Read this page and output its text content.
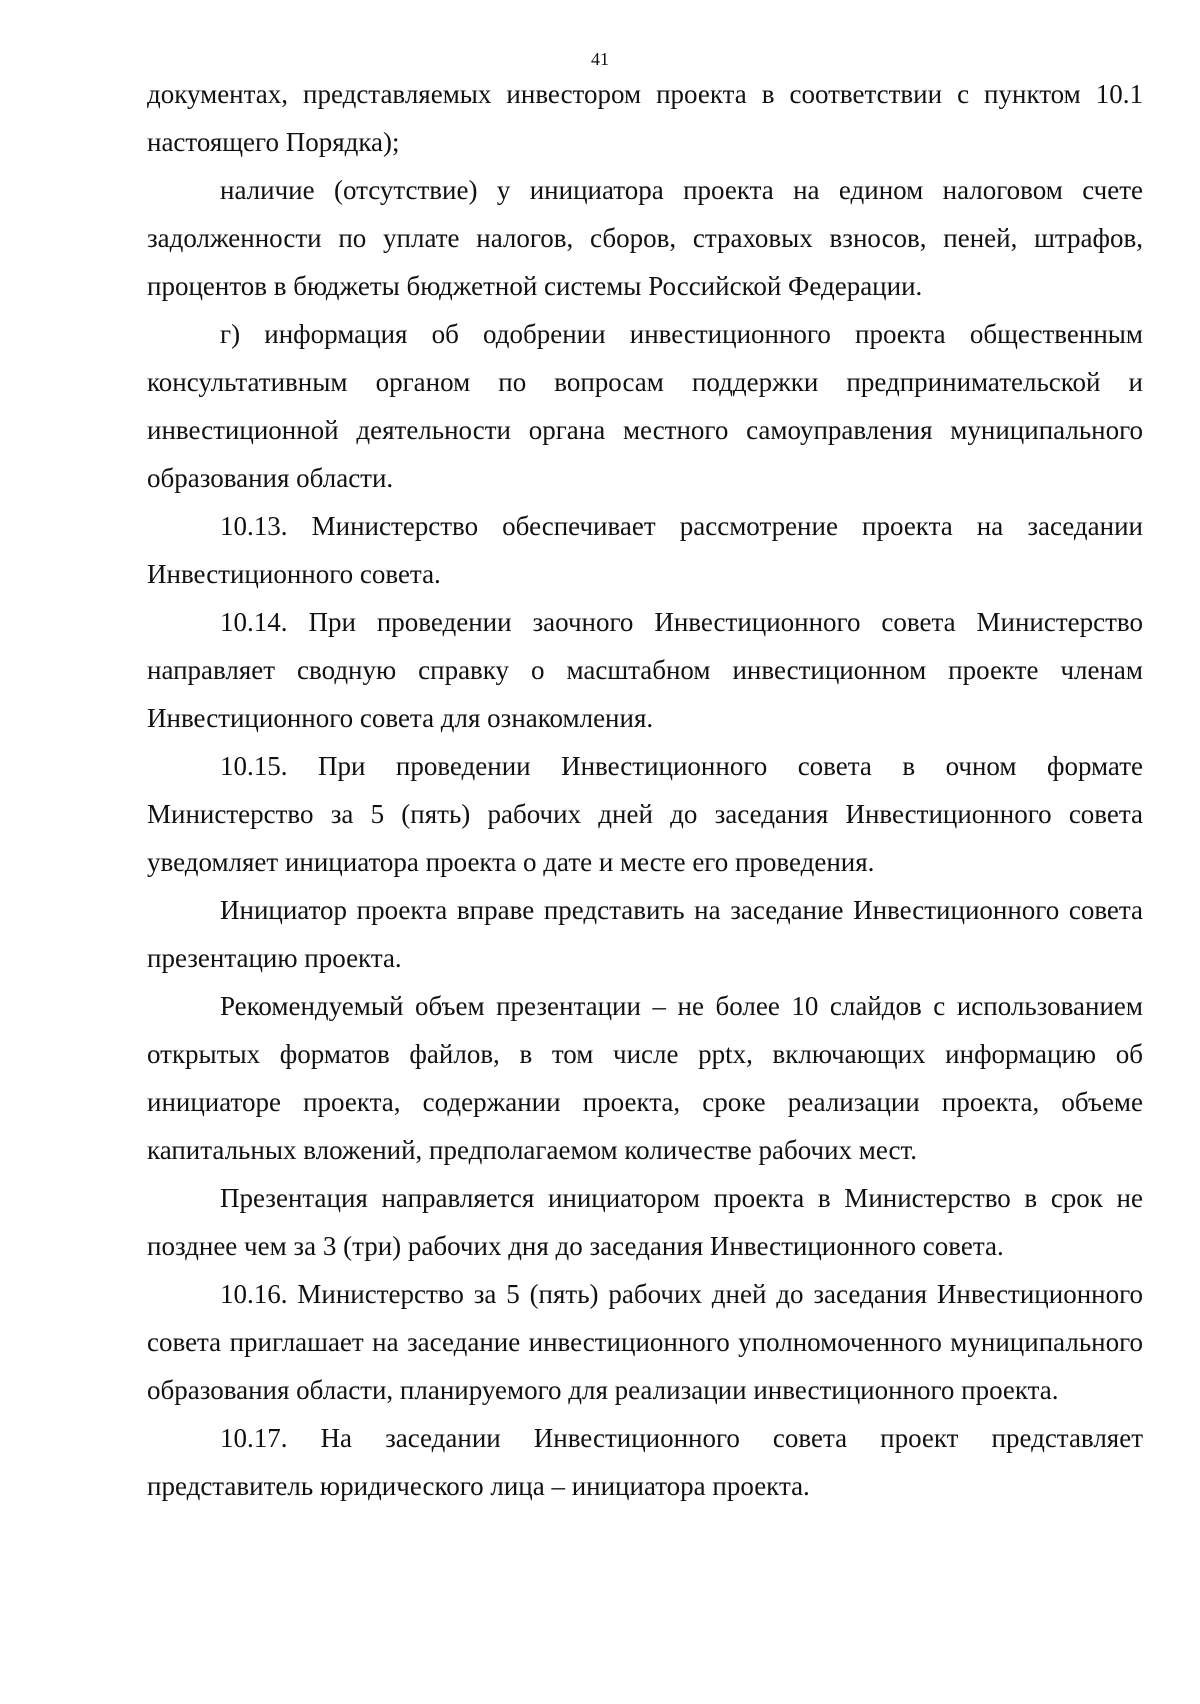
41

документах, представляемых инвестором проекта в соответствии с пунктом 10.1 настоящего Порядка);

наличие (отсутствие) у инициатора проекта на едином налоговом счете задолженности по уплате налогов, сборов, страховых взносов, пеней, штрафов, процентов в бюджеты бюджетной системы Российской Федерации.

г) информация об одобрении инвестиционного проекта общественным консультативным органом по вопросам поддержки предпринимательской и инвестиционной деятельности органа местного самоуправления муниципального образования области.

10.13. Министерство обеспечивает рассмотрение проекта на заседании Инвестиционного совета.

10.14. При проведении заочного Инвестиционного совета Министерство направляет сводную справку о масштабном инвестиционном проекте членам Инвестиционного совета для ознакомления.

10.15. При проведении Инвестиционного совета в очном формате Министерство за 5 (пять) рабочих дней до заседания Инвестиционного совета уведомляет инициатора проекта о дате и месте его проведения.

Инициатор проекта вправе представить на заседание Инвестиционного совета презентацию проекта.

Рекомендуемый объем презентации – не более 10 слайдов с использованием открытых форматов файлов, в том числе pptx, включающих информацию об инициаторе проекта, содержании проекта, сроке реализации проекта, объеме капитальных вложений, предполагаемом количестве рабочих мест.

Презентация направляется инициатором проекта в Министерство в срок не позднее чем за 3 (три) рабочих дня до заседания Инвестиционного совета.

10.16. Министерство за 5 (пять) рабочих дней до заседания Инвестиционного совета приглашает на заседание инвестиционного уполномоченного муниципального образования области, планируемого для реализации инвестиционного проекта.

10.17. На заседании Инвестиционного совета проект представляет представитель юридического лица – инициатора проекта.
